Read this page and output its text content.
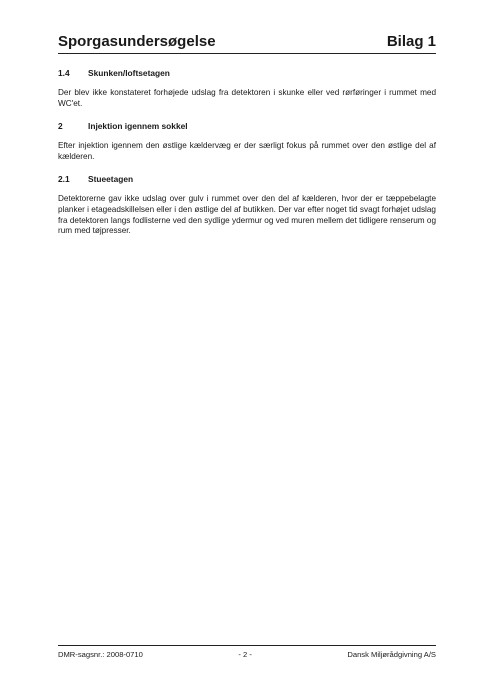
Sporgasundersøgelse	Bilag 1
1.4	Skunken/loftsetagen

Der blev ikke konstateret forhøjede udslag fra detektoren i skunke eller ved rørføringer i rummet med WC'et.

2	Injektion igennem sokkel

Efter injektion igennem den østlige kældervæg er der særligt fokus på rummet over den østlige del af kælderen.

2.1	Stueetagen

Detektorerne gav ikke udslag over gulv i rummet over den del af kælderen, hvor der er tæppebelagte planker i etageadskillelsen eller i den østlige del af butikken. Der var efter noget tid svagt forhøjet udslag fra detektoren langs fodlisterne ved den sydlige ydermur og ved muren mellem det tidligere renserum og rum med tøjpresser.

DMR-sagsnr.: 2008-0710	- 2 -	Dansk Miljørådgivning A/S
